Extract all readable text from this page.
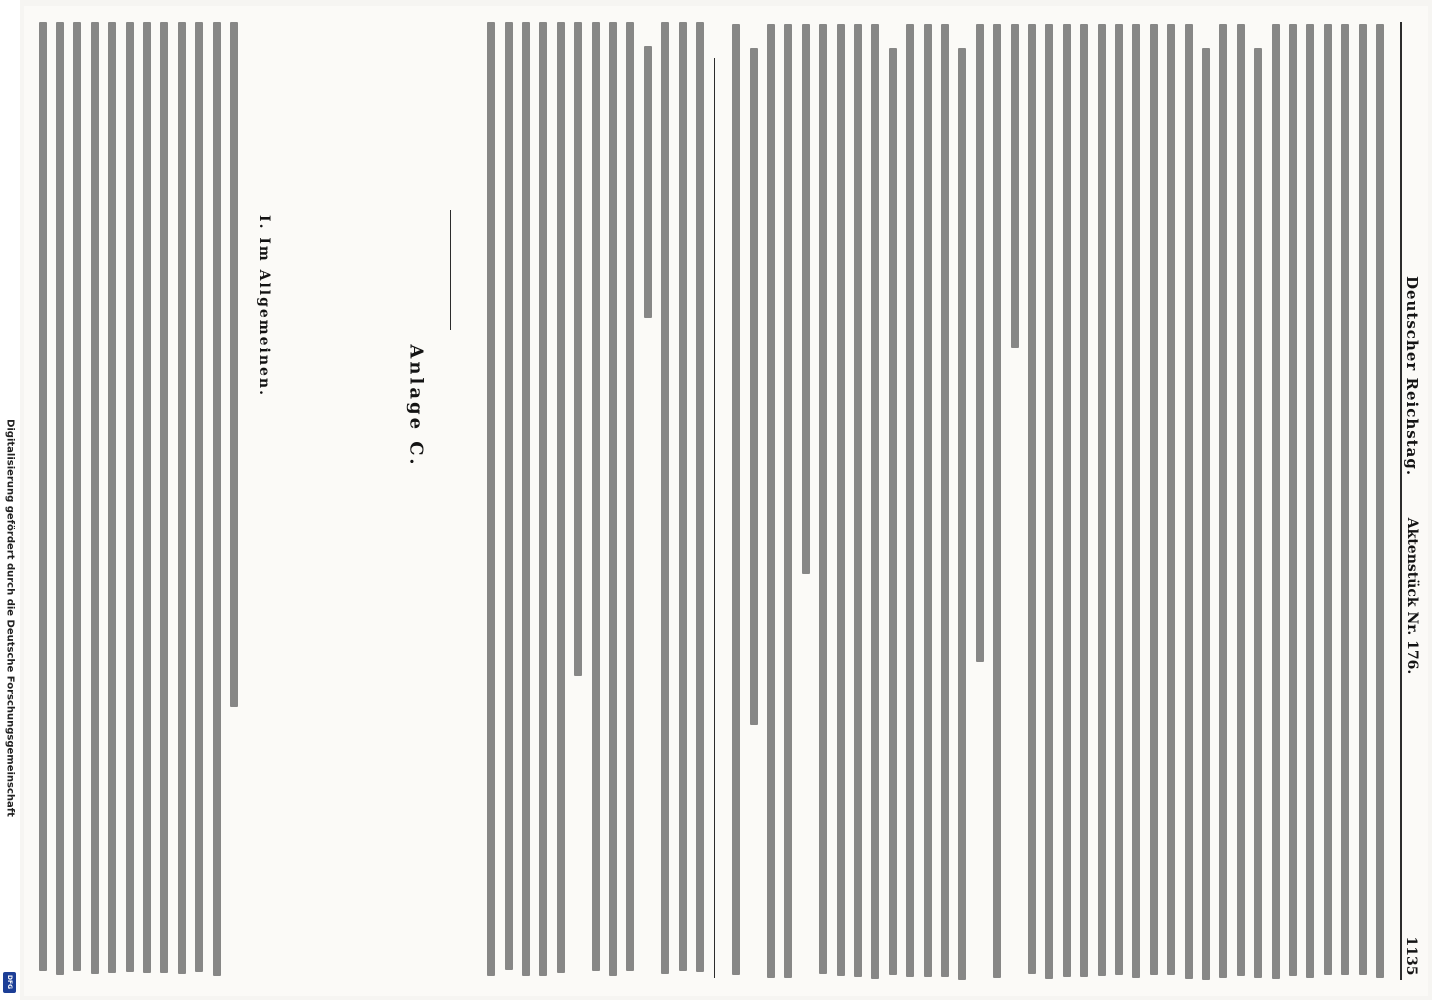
Digitalisierung gefördert durch die Deutsche Forschungsgemeinschaft
DFG
1135
Aktenstück Nr. 176.
Deutscher Reichstag.
Anlage C.
I. Im Allgemeinen.
